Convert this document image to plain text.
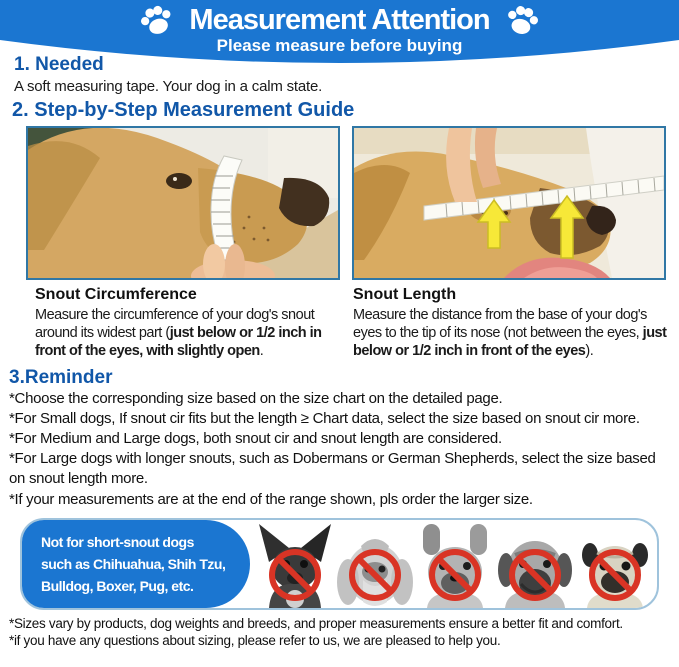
Measurement Attention
Please measure before buying
1. Needed

A soft measuring tape. Your dog in a calm state.

2. Step-by-Step Measurement Guide
Snout Circumference

Measure the circumference of your dog's snout around its widest part (just below or 1/2 inch in front of the eyes, with slightly open.

Snout Length

Measure the distance from the base of your dog's eyes to the tip of its nose (not between the eyes, just below or 1/2 inch in front of the eyes).

3.Reminder

*Choose the corresponding size based on the size chart on the detailed page.

*For Small dogs, If snout cir fits but the length ≥ Chart data, select the size based on snout cir more.

*For Medium and Large dogs, both snout cir and snout length are considered.

*For Large dogs with longer snouts, such as Dobermans or German Shepherds, select the size based on snout length more.

*If your measurements are at the end of the range shown, pls order the larger size.

Not for short-snout dogs
such as Chihuahua, Shih Tzu,
Bulldog, Boxer, Pug, etc.

*Sizes vary by products, dog weights and breeds, and proper measurements ensure a better fit and comfort.

*if you have any questions about sizing, please refer to us, we are pleased to help you.
